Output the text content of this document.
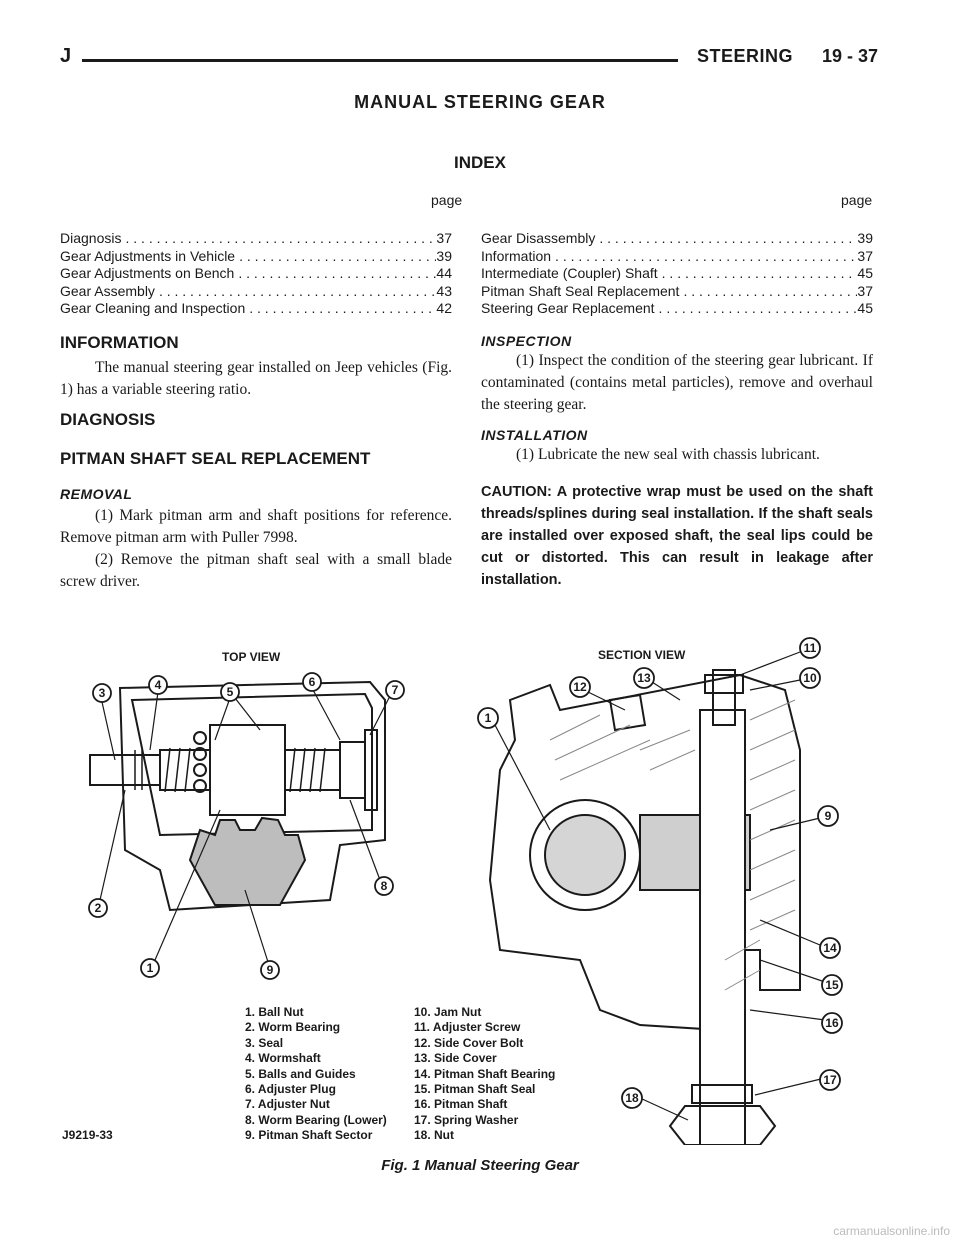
J	STEERING 19 - 37
MANUAL STEERING GEAR
INDEX
page	page
Diagnosis . . .	37
Gear Adjustments in Vehicle . . .	39
Gear Adjustments on Bench . . .	44
Gear Assembly . . .	43
Gear Cleaning and Inspection . . .	42
Gear Disassembly . . .	39
Information . . .	37
Intermediate (Coupler) Shaft . . .	45
Pitman Shaft Seal Replacement . . .	37
Steering Gear Replacement . . .	45
INFORMATION

The manual steering gear installed on Jeep vehicles (Fig. 1) has a variable steering ratio.

DIAGNOSIS
PITMAN SHAFT SEAL REPLACEMENT
REMOVAL

(1) Mark pitman arm and shaft positions for reference. Remove pitman arm with Puller 7998.

(2) Remove the pitman shaft seal with a small blade screw driver.

INSPECTION

(1) Inspect the condition of the steering gear lubricant. If contaminated (contains metal particles), remove and overhaul the steering gear.

INSTALLATION

(1) Lubricate the new seal with chassis lubricant.

CAUTION: A protective wrap must be used on the shaft threads/splines during seal installation. If the shaft seals are installed over exposed shaft, the seal lips could be cut or distorted. This can result in leakage after installation.

3
4	5
6
7
8
2
1	9
11
10
12
13
1
9
14
15
16
17
18
TOP VIEW	SECTION VIEW
1. Ball Nut
2. Worm Bearing
3. Seal
4. Wormshaft
5. Balls and Guides
6. Adjuster Plug
7. Adjuster Nut
8. Worm Bearing (Lower)
9. Pitman Shaft Sector
10. Jam Nut
11. Adjuster Screw
12. Side Cover Bolt
13. Side Cover
14. Pitman Shaft Bearing
15. Pitman Shaft Seal
16. Pitman Shaft
17. Spring Washer
18. Nut
J9219-33
Fig. 1 Manual Steering Gear
carmanualsonline.info
